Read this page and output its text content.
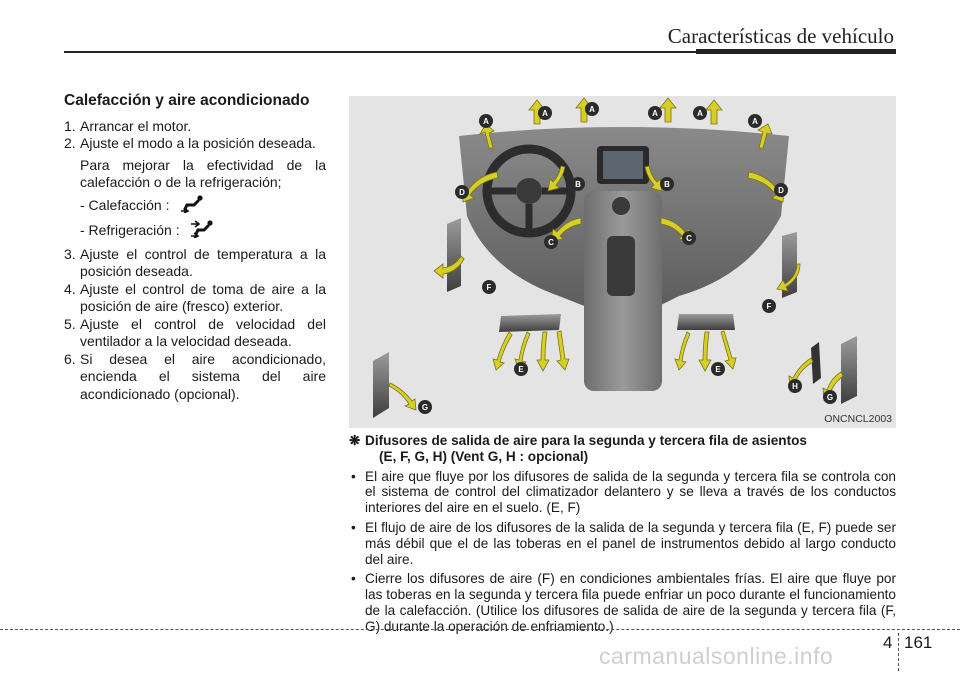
Características de vehículo
Calefacción y aire acondicionado
1. Arrancar el motor.
2. Ajuste el modo a la posición deseada.
Para mejorar la efectividad de la calefacción o de la refrigeración;
- Calefacción :
- Refrigeración :
3. Ajuste el control de temperatura a la posición deseada.
4. Ajuste el control de toma de aire a la posición de aire (fresco) exterior.
5. Ajuste el control de velocidad del ventilador a la velocidad deseada.
6. Si desea el aire acondicionado, encienda el sistema del aire acondicionado (opcional).
A
A	A	A	A
A
B	B
C	C
D	D
E	E
F
F
G
G
H
ONCNCL2003
❋ Difusores de salida de aire para la segunda y tercera fila de asientos
(E, F, G, H) (Vent G, H : opcional)
• El aire que fluye por los difusores de salida de la segunda y tercera fila se controla con el sistema de control del climatizador delantero y se lleva a través de los conductos interiores del aire en el suelo. (E, F)
• El flujo de aire de los difusores de la salida de la segunda y tercera fila (E, F) puede ser más débil que el de las toberas en el panel de instrumentos debido al largo conducto del aire.
• Cierre los difusores de aire (F) en condiciones ambientales frías. El aire que fluye por las toberas en la segunda y tercera fila puede enfriar un poco durante el funcionamiento de la calefacción. (Utilice los difusores de salida de aire de la segunda y tercera fila (F, G) durante la operación de enfriamiento.)
4 161
carmanualsonline.info
